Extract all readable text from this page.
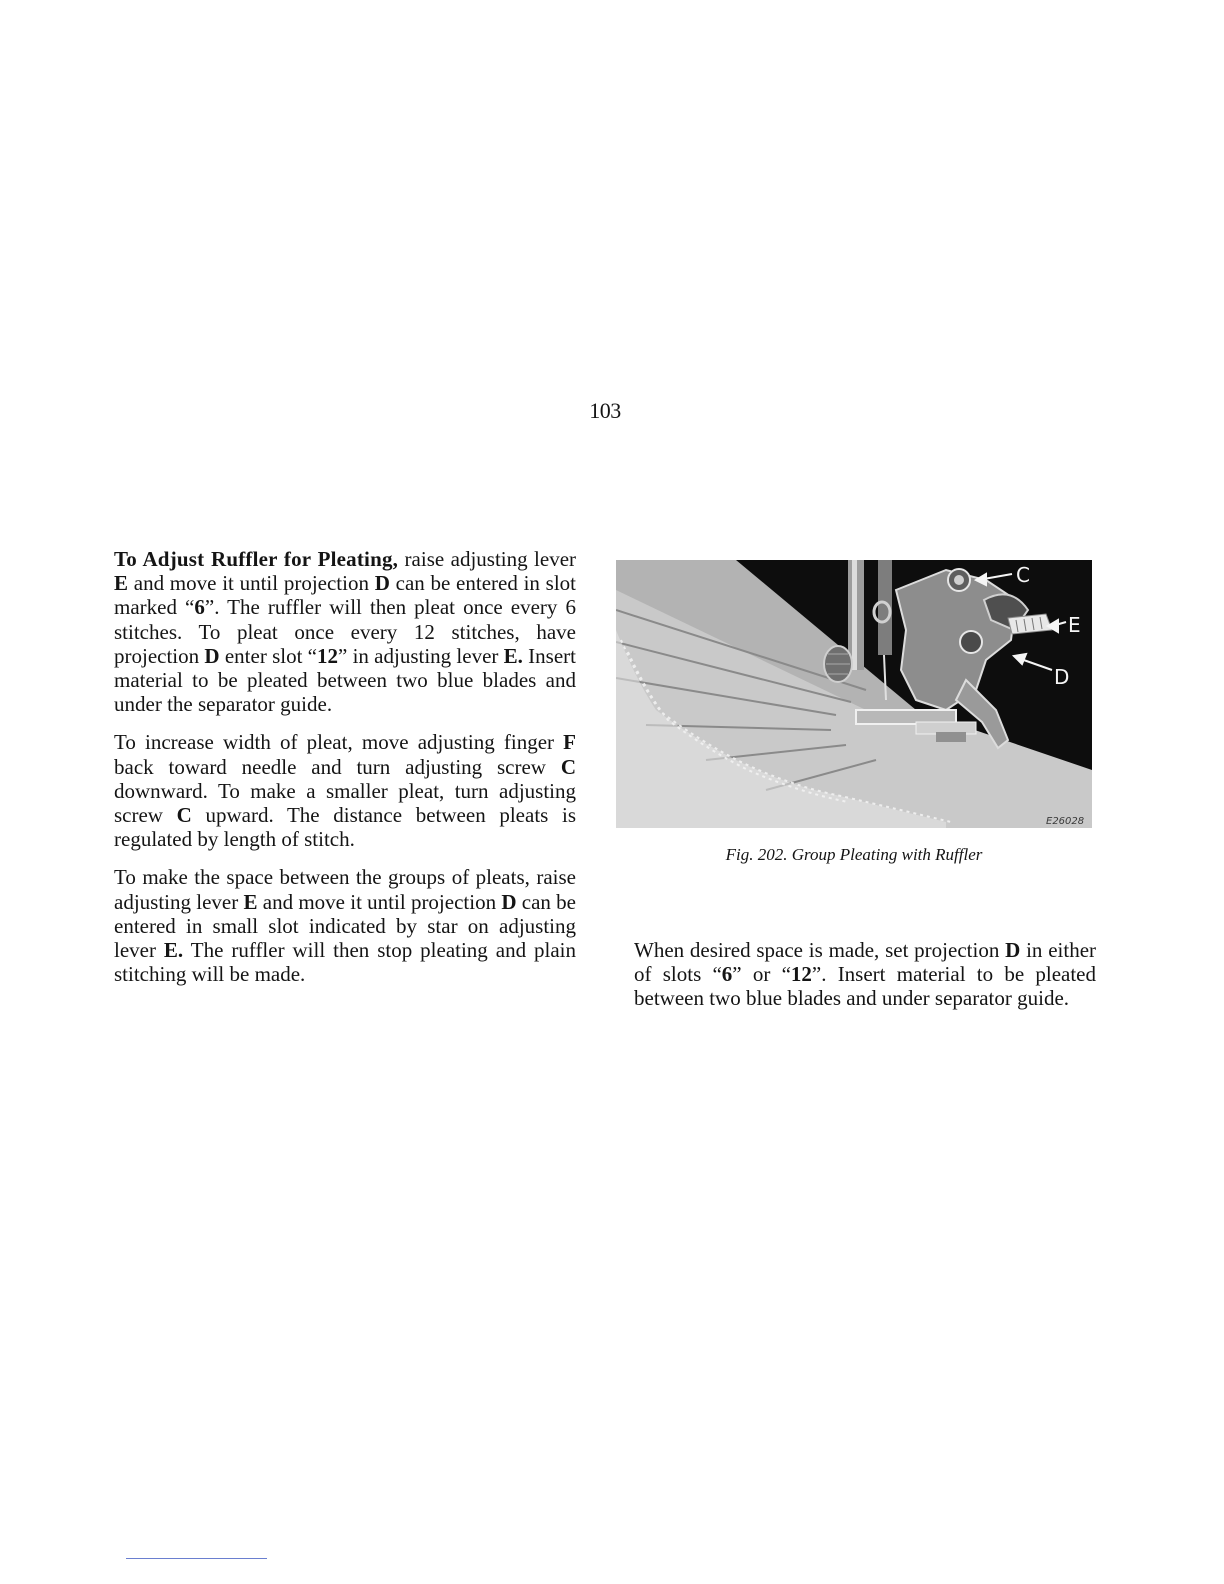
103

To Adjust Ruffler for Pleating, raise adjusting lever E and move it until projection D can be entered in slot marked “6”. The ruffler will then pleat once every 6 stitches. To pleat once every 12 stitches, have projection D enter slot “12” in adjusting lever E. Insert material to be pleated between two blue blades and under the separator guide.

To increase width of pleat, move adjusting finger F back toward needle and turn adjusting screw C downward. To make a smaller pleat, turn adjusting screw C upward. The distance between pleats is regulated by length of stitch.

To make the space between the groups of pleats, raise adjusting lever E and move it until projection D can be entered in small slot indicated by star on adjusting lever E. The ruffler will then stop pleating and plain stitching will be made.

C
E
D
E26028
Fig. 202. Group Pleating with Ruffler

When desired space is made, set projection D in either of slots “6” or “12”. Insert material to be pleated between two blue blades and under separator guide.
